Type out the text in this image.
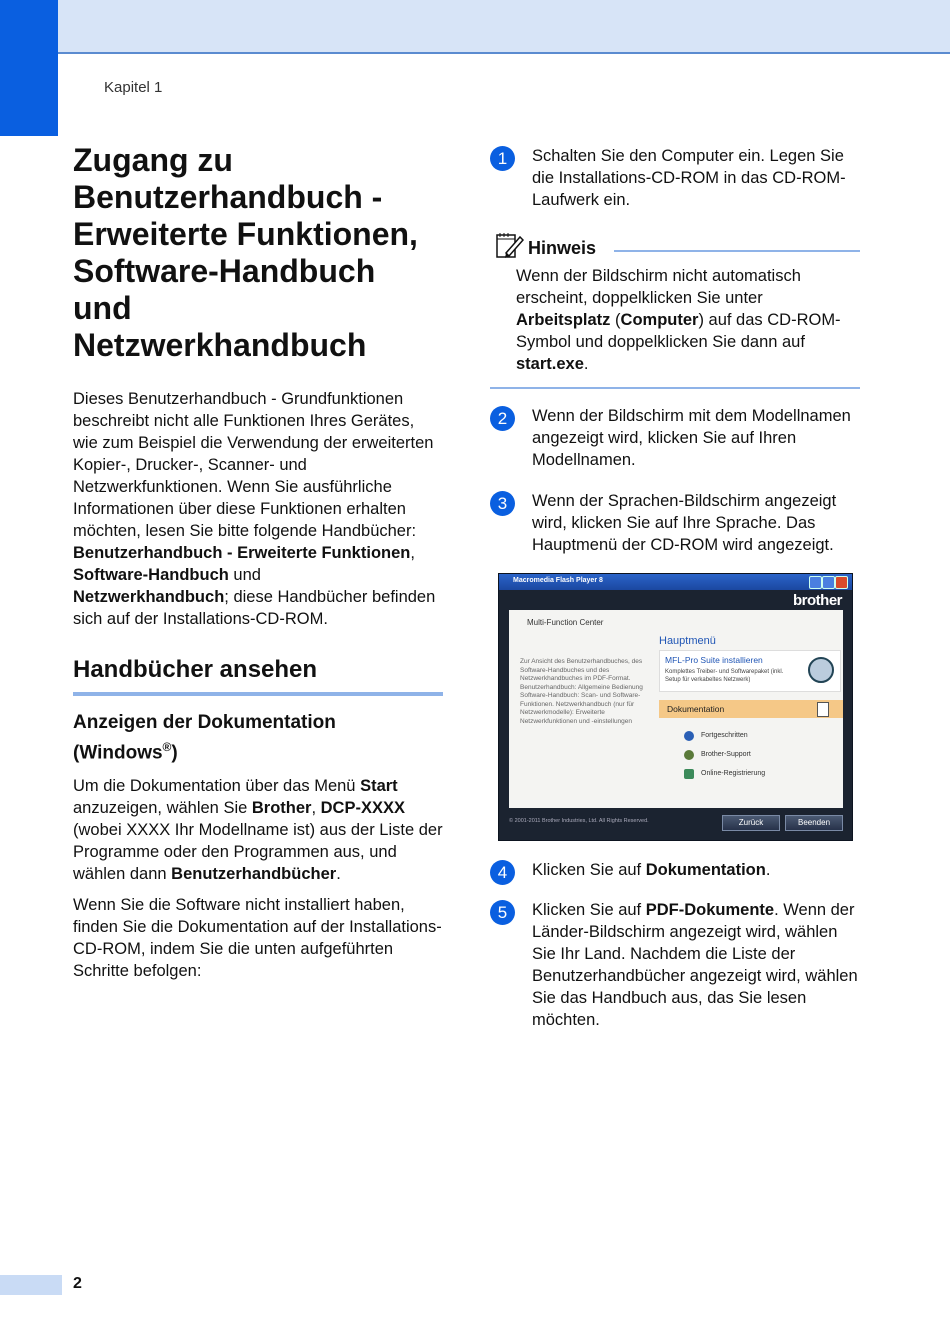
Kapitel 1
Zugang zu
Benutzerhandbuch -
Erweiterte Funktionen,
Software-Handbuch
und
Netzwerkhandbuch

Dieses Benutzerhandbuch - Grundfunktionen beschreibt nicht alle Funktionen Ihres Gerätes, wie zum Beispiel die Verwendung der erweiterten Kopier-, Drucker-, Scanner- und Netzwerkfunktionen. Wenn Sie ausführliche Informationen über diese Funktionen erhalten möchten, lesen Sie bitte folgende Handbücher: Benutzerhandbuch - Erweiterte Funktionen,
Software-Handbuch und
Netzwerkhandbuch; diese Handbücher befinden sich auf der Installations-CD-ROM.

Handbücher ansehen
Anzeigen der Dokumentation
(Windows®)

Um die Dokumentation über das Menü Start anzuzeigen, wählen Sie Brother, DCP-XXXX (wobei XXXX Ihr Modellname ist) aus der Liste der Programme oder den Programmen aus, und wählen dann Benutzerhandbücher.

Wenn Sie die Software nicht installiert haben, finden Sie die Dokumentation auf der Installations-CD-ROM, indem Sie die unten aufgeführten Schritte befolgen:

1	Schalten Sie den Computer ein. Legen Sie die Installations-CD-ROM in das CD-ROM-Laufwerk ein.
Hinweis

Wenn der Bildschirm nicht automatisch erscheint, doppelklicken Sie unter Arbeitsplatz (Computer) auf das CD-ROM-Symbol und doppelklicken Sie dann auf start.exe.

2	Wenn der Bildschirm mit dem Modellnamen angezeigt wird, klicken Sie auf Ihren Modellnamen.
3	Wenn der Sprachen-Bildschirm angezeigt wird, klicken Sie auf Ihre Sprache. Das Hauptmenü der CD-ROM wird angezeigt.
Macromedia Flash Player 8
brother
Multi-Function Center
Zur Ansicht des Benutzerhandbuches, des Software-Handbuches und des Netzwerkhandbuches im PDF-Format. Benutzerhandbuch: Allgemeine Bedienung Software-Handbuch: Scan- und Software-Funktionen. Netzwerkhandbuch (nur für Netzwerkmodelle): Erweiterte Netzwerkfunktionen und -einstellungen
Hauptmenü
MFL-Pro Suite installieren
Komplettes Treiber- und Softwarepaket (inkl. Setup für verkabeltes Netzwerk)
Dokumentation
Fortgeschritten
Brother-Support
Online-Registrierung
© 2001-2011 Brother Industries, Ltd. All Rights Reserved.	Zurück	Beenden
4	Klicken Sie auf Dokumentation.
5	Klicken Sie auf PDF-Dokumente. Wenn der Länder-Bildschirm angezeigt wird, wählen Sie Ihr Land. Nachdem die Liste der Benutzerhandbücher angezeigt wird, wählen Sie das Handbuch aus, das Sie lesen möchten.
2
